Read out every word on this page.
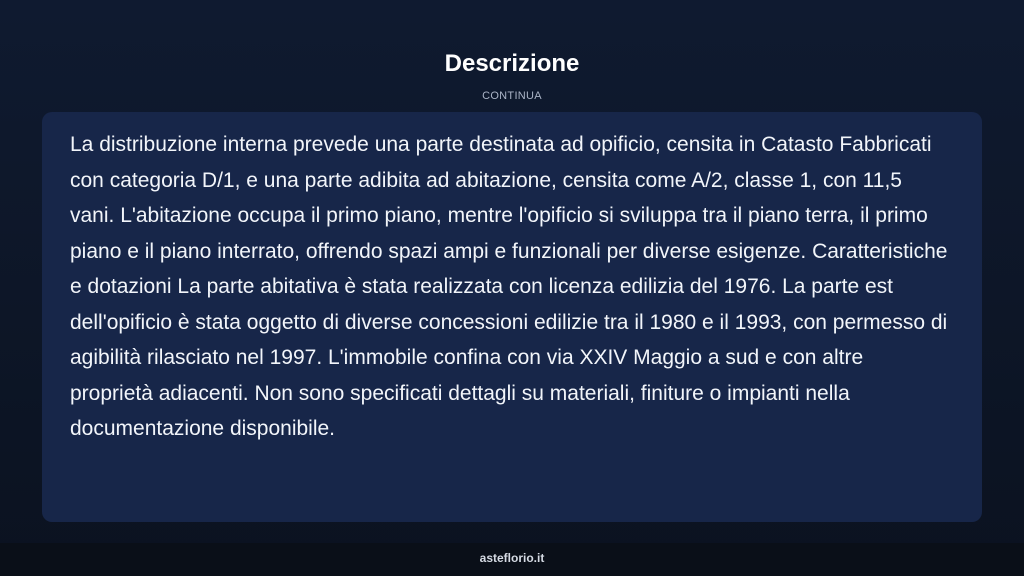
Descrizione
CONTINUA

La distribuzione interna prevede una parte destinata ad opificio, censita in Catasto Fabbricati con categoria D/1, e una parte adibita ad abitazione, censita come A/2, classe 1, con 11,5 vani. L'abitazione occupa il primo piano, mentre l'opificio si sviluppa tra il piano terra, il primo piano e il piano interrato, offrendo spazi ampi e funzionali per diverse esigenze. Caratteristiche e dotazioni La parte abitativa è stata realizzata con licenza edilizia del 1976. La parte est dell'opificio è stata oggetto di diverse concessioni edilizie tra il 1980 e il 1993, con permesso di agibilità rilasciato nel 1997. L'immobile confina con via XXIV Maggio a sud e con altre proprietà adiacenti. Non sono specificati dettagli su materiali, finiture o impianti nella documentazione disponibile.

asteflorio.it
